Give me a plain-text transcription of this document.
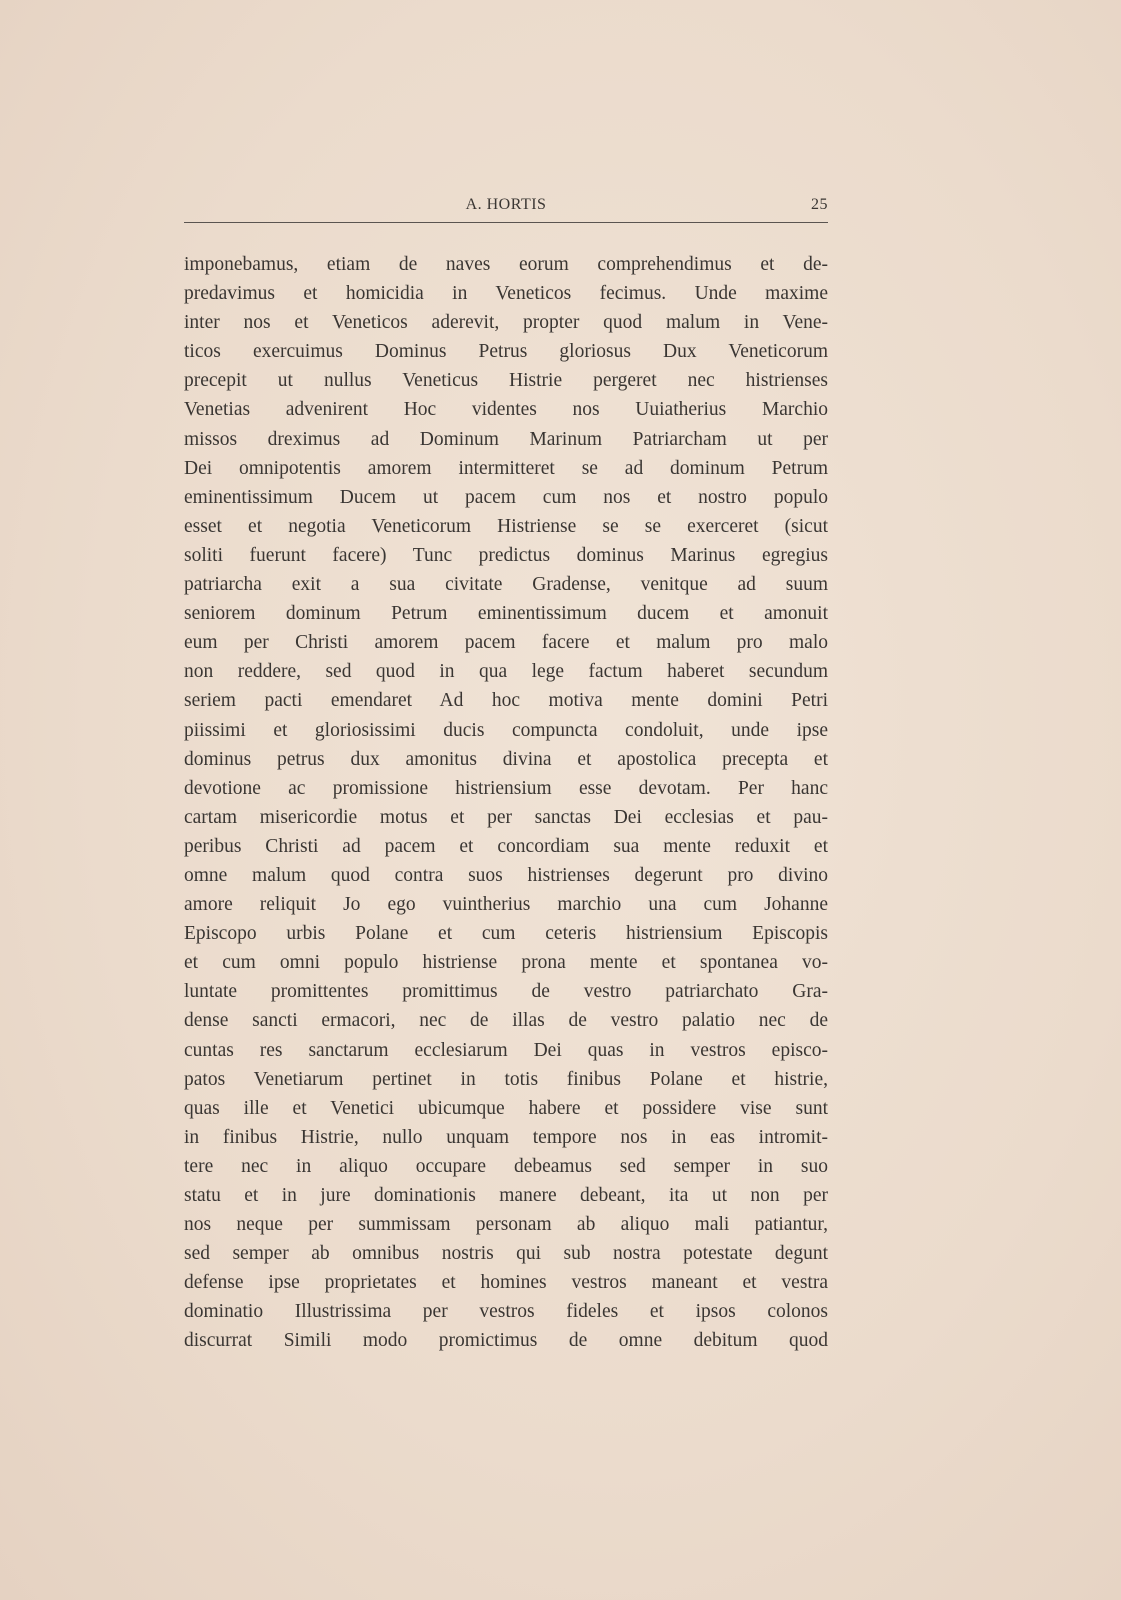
A. HORTIS	25
imponebamus, etiam de naves eorum comprehendimus et de-
predavimus et homicidia in Veneticos fecimus. Unde maxime
inter nos et Veneticos aderevit, propter quod malum in Vene-
ticos exercuimus Dominus Petrus gloriosus Dux Veneticorum
precepit ut nullus Veneticus Histrie pergeret nec histrienses
Venetias advenirent Hoc videntes nos Uuiatherius Marchio
missos dreximus ad Dominum Marinum Patriarcham ut per
Dei omnipotentis amorem intermitteret se ad dominum Petrum
eminentissimum Ducem ut pacem cum nos et nostro populo
esset et negotia Veneticorum Histriense se se exerceret (sicut
soliti fuerunt facere) Tunc predictus dominus Marinus egregius
patriarcha exit a sua civitate Gradense, venitque ad suum
seniorem dominum Petrum eminentissimum ducem et amonuit
eum per Christi amorem pacem facere et malum pro malo
non reddere, sed quod in qua lege factum haberet secundum
seriem pacti emendaret Ad hoc motiva mente domini Petri
piissimi et gloriosissimi ducis compuncta condoluit, unde ipse
dominus petrus dux amonitus divina et apostolica precepta et
devotione ac promissione histriensium esse devotam. Per hanc
cartam misericordie motus et per sanctas Dei ecclesias et pau-
peribus Christi ad pacem et concordiam sua mente reduxit et
omne malum quod contra suos histrienses degerunt pro divino
amore reliquit Jo ego vuintherius marchio una cum Johanne
Episcopo urbis Polane et cum ceteris histriensium Episcopis
et cum omni populo histriense prona mente et spontanea vo-
luntate promittentes promittimus de vestro patriarchato Gra-
dense sancti ermacori, nec de illas de vestro palatio nec de
cuntas res sanctarum ecclesiarum Dei quas in vestros episco-
patos Venetiarum pertinet in totis finibus Polane et histrie,
quas ille et Venetici ubicumque habere et possidere vise sunt
in finibus Histrie, nullo unquam tempore nos in eas intromit-
tere nec in aliquo occupare debeamus sed semper in suo
statu et in jure dominationis manere debeant, ita ut non per
nos neque per summissam personam ab aliquo mali patiantur,
sed semper ab omnibus nostris qui sub nostra potestate degunt
defense ipse proprietates et homines vestros maneant et vestra
dominatio Illustrissima per vestros fideles et ipsos colonos
discurrat Simili modo promictimus de omne debitum quod
